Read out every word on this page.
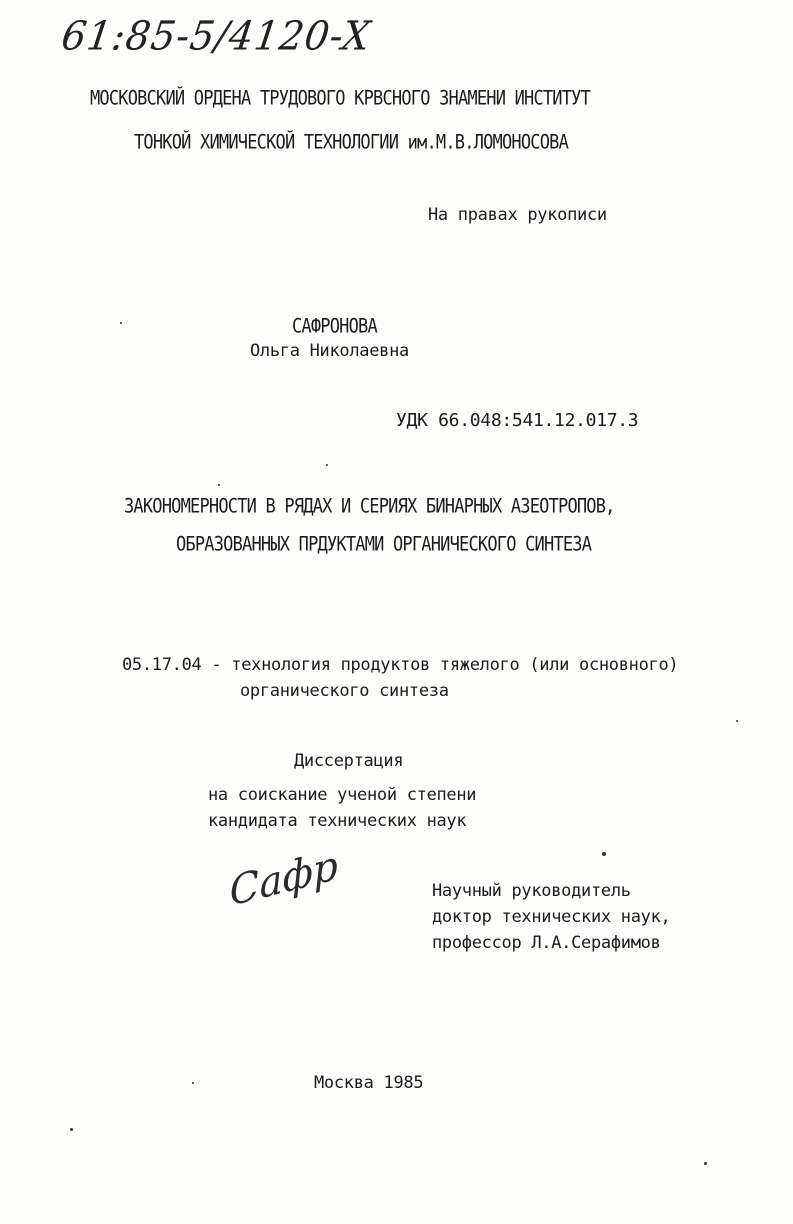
61:85-5/4120-X
МОСКОВСКИЙ ОРДЕНА ТРУДОВОГО КРВСНОГО ЗНАМЕНИ ИНСТИТУТ
ТОНКОЙ ХИМИЧЕСКОЙ ТЕХНОЛОГИИ им.М.В.ЛОМОНОСОВА
На правах рукописи
САФРОНОВА
Ольга Николаевна
УДК 66.048:541.12.017.3
ЗАКОНОМЕРНОСТИ В РЯДАХ И СЕРИЯХ БИНАРНЫХ АЗЕОТРОПОВ,
ОБРАЗОВАННЫХ ПРДУКТАМИ ОРГАНИЧЕСКОГО СИНТЕЗА
05.17.04 - технология продуктов тяжелого (или основного)
органического синтеза
Диссертация
на соискание ученой степени
кандидата технических наук
Сафр	Научный руководитель
доктор технических наук,
профессор Л.А.Серафимов
Москва 1985
